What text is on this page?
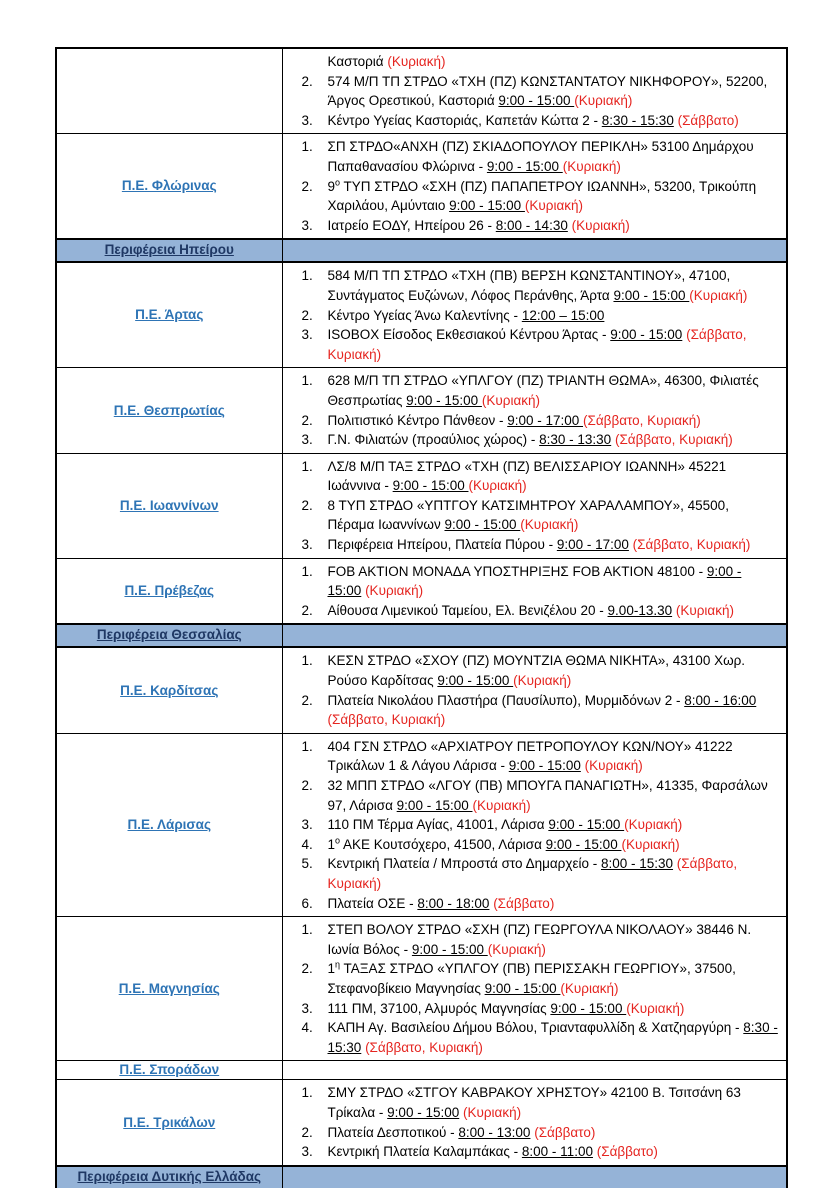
	Καστοριά (Κυριακή)
2. 574 Μ/Π ΤΠ ΣΤΡΔΟ «ΤΧΗ (ΠΖ) ΚΩΝΣΤΑΝΤΑΤΟΥ ΝΙΚΗΦΟΡΟΥ», 52200, Άργος Ορεστικού, Καστοριά 9:00 - 15:00 (Κυριακή)
3. Κέντρο Υγείας Καστοριάς, Καπετάν Κώττα 2 - 8:30 - 15:30 (Σάββατο)

Π.Ε. Φλώρινας	
1.	ΣΠ ΣΤΡΔΟ«ΑΝΧΗ (ΠΖ) ΣΚΙΑΔΟΠΟΥΛΟΥ ΠΕΡΙΚΛΗ» 53100 Δημάρχου Παπαθανασίου Φλώρινα - 9:00 - 15:00 (Κυριακή)
2.	$9^o$ ΤΥΠ ΣΤΡΔΟ «ΣΧΗ (ΠΖ) ΠΑΠΑΠΕΤΡΟΥ ΙΩΑΝΝΗ», 53200, Τρικούπη Χαριλάου, Αμύνταιο 9:00 - 15:00 (Κυριακή)
3.	Ιατρείο ΕΟΔΥ, Ηπείρου 26 - 8:00 - 14:30 (Κυριακή)

Περιφέρεια Ηπείρου	
Π.Ε. Άρτας	
1.	584 Μ/Π ΤΠ ΣΤΡΔΟ «ΤΧΗ (ΠΒ) ΒΕΡΣΗ ΚΩΝΣΤΑΝΤΙΝΟΥ», 47100, Συντάγματος Ευζώνων, Λόφος Περάνθης, Άρτα 9:00 - 15:00 (Κυριακή)
2.	Κέντρο Υγείας Άνω Καλεντίνης - 12:00 – 15:00
3.	ISOBOX Είσοδος Εκθεσιακού Κέντρου Άρτας - 9:00 - 15:00 (Σάββατο, Κυριακή)

Π.Ε. Θεσπρωτίας	
1.	628 Μ/Π ΤΠ ΣΤΡΔΟ «ΥΠΛΓΟΥ (ΠΖ) ΤΡΙΑΝΤΗ ΘΩΜΑ», 46300, Φιλιατές Θεσπρωτίας 9:00 - 15:00 (Κυριακή)
2.	Πολιτιστικό Κέντρο Πάνθεον - 9:00 - 17:00 (Σάββατο, Κυριακή)
3.	Γ.Ν. Φιλιατών (προαύλιος χώρος) - 8:30 - 13:30 (Σάββατο, Κυριακή)

Π.Ε. Ιωαννίνων	
1.	ΛΣ/8 Μ/Π ΤΑΞ ΣΤΡΔΟ «ΤΧΗ (ΠΖ) ΒΕΛΙΣΣΑΡΙΟΥ ΙΩΑΝΝΗ» 45221 Ιωάννινα - 9:00 - 15:00 (Κυριακή)
2.	8 ΤΥΠ ΣΤΡΔΟ «ΥΠΤΓΟΥ ΚΑΤΣΙΜΗΤΡΟΥ ΧΑΡΑΛΑΜΠΟΥ», 45500, Πέραμα Ιωαννίνων 9:00 - 15:00 (Κυριακή)
3.	Περιφέρεια Ηπείρου, Πλατεία Πύρου - 9:00 - 17:00 (Σάββατο, Κυριακή)

Π.Ε. Πρέβεζας	1. FOB AKTION ΜΟΝΑΔΑ ΥΠΟΣΤΗΡΙΞΗΣ FOB AKTION 48100 - 9:00 - 15:00 (Κυριακή)
2. Αίθουσα Λιμενικού Ταμείου, Ελ. Βενιζέλου 20 - 9.00-13.30 (Κυριακή)

Περιφέρεια Θεσσαλίας	
Π.Ε. Καρδίτσας	1. ΚΕΣΝ ΣΤΡΔΟ «ΣΧΟΥ (ΠΖ) ΜΟΥΝΤΖΙΑ ΘΩΜΑ ΝΙΚΗΤΑ», 43100 Χωρ. Ρούσο Καρδίτσας 9:00 - 15:00 (Κυριακή)
2. Πλατεία Νικολάου Πλαστήρα (Παυσίλυπο), Μυρμιδόνων 2 - 8:00 - 16:00 (Σάββατο, Κυριακή)

Π.Ε. Λάρισας	
1.	404 ΓΣΝ ΣΤΡΔΟ «ΑΡΧΙΑΤΡΟΥ ΠΕΤΡΟΠΟΥΛΟΥ ΚΩΝ/ΝΟΥ» 41222 Τρικάλων 1 & Λάγου Λάρισα - 9:00 - 15:00 (Κυριακή)
2.	32 ΜΠΠ ΣΤΡΔΟ «ΛΓΟΥ (ΠΒ) ΜΠΟΥΓΑ ΠΑΝΑΓΙΩΤΗ», 41335, Φαρσάλων 97, Λάρισα 9:00 - 15:00 (Κυριακή)
3.	110 ΠΜ Τέρμα Αγίας, 41001, Λάρισα 9:00 - 15:00 (Κυριακή)
4.	$1^o$ ΑΚΕ Κουτσόχερο, 41500, Λάρισα 9:00 - 15:00 (Κυριακή)
5.	Κεντρική Πλατεία / Μπροστά στο Δημαρχείο - 8:00 - 15:30 (Σάββατο, Κυριακή)
6.	Πλατεία ΟΣΕ - 8:00 - 18:00 (Σάββατο)

Π.Ε. Μαγνησίας	
1.	ΣΤΕΠ ΒΟΛΟΥ ΣΤΡΔΟ «ΣΧΗ (ΠΖ) ΓΕΩΡΓΟΥΛΑ ΝΙΚΟΛΑΟΥ» 38446 Ν. Ιωνία Βόλος - 9:00 - 15:00 (Κυριακή)
2.	$1^\eta$ ΤΑΞΑΣ ΣΤΡΔΟ «ΥΠΛΓΟΥ (ΠΒ) ΠΕΡΙΣΣΑΚΗ ΓΕΩΡΓΙΟΥ», 37500, Στεφανοβίκειο Μαγνησίας 9:00 - 15:00 (Κυριακή)
3.	111 ΠΜ, 37100, Αλμυρός Μαγνησίας 9:00 - 15:00 (Κυριακή)
4.	ΚΑΠΗ Αγ. Βασιλείου Δήμου Βόλου, Τριανταφυλλίδη & Χατζηαργύρη - 8:30 - 15:30 (Σάββατο, Κυριακή)

Π.Ε. Σποράδων	
Π.Ε. Τρικάλων	
1.	ΣΜΥ ΣΤΡΔΟ «ΣΤΓΟΥ ΚΑΒΡΑΚΟΥ ΧΡΗΣΤΟΥ» 42100 Β. Τσιτσάνη 63 Τρίκαλα - 9:00 - 15:00 (Κυριακή)
2.	Πλατεία Δεσποτικού - 8:00 - 13:00 (Σάββατο)
3.	Κεντρική Πλατεία Καλαμπάκας - 8:00 - 11:00 (Σάββατο)

Περιφέρεια Δυτικής Ελλάδας	
